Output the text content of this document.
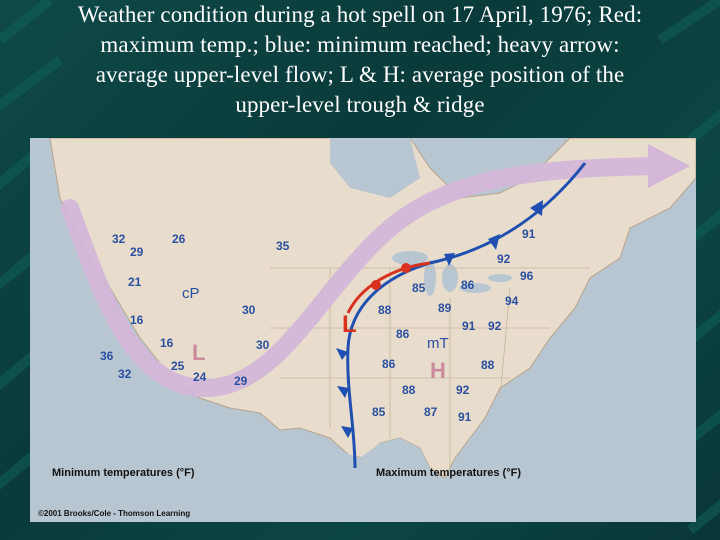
Weather condition during a hot spell on 17 April, 1976; Red:
maximum temp.; blue: minimum reached; heavy arrow:
average upper-level flow; L & H: average position of the
upper-level trough & ridge
cP
mT
L
L
H
32	26	35
29
21
30
16
16	30
36
25
32	24 29
91
92
96
85	86
94
88	89
91 92
86
86	88
88	92
85	87 91
Minimum temperatures (°F)	Maximum temperatures (°F)
©2001 Brooks/Cole - Thomson Learning
